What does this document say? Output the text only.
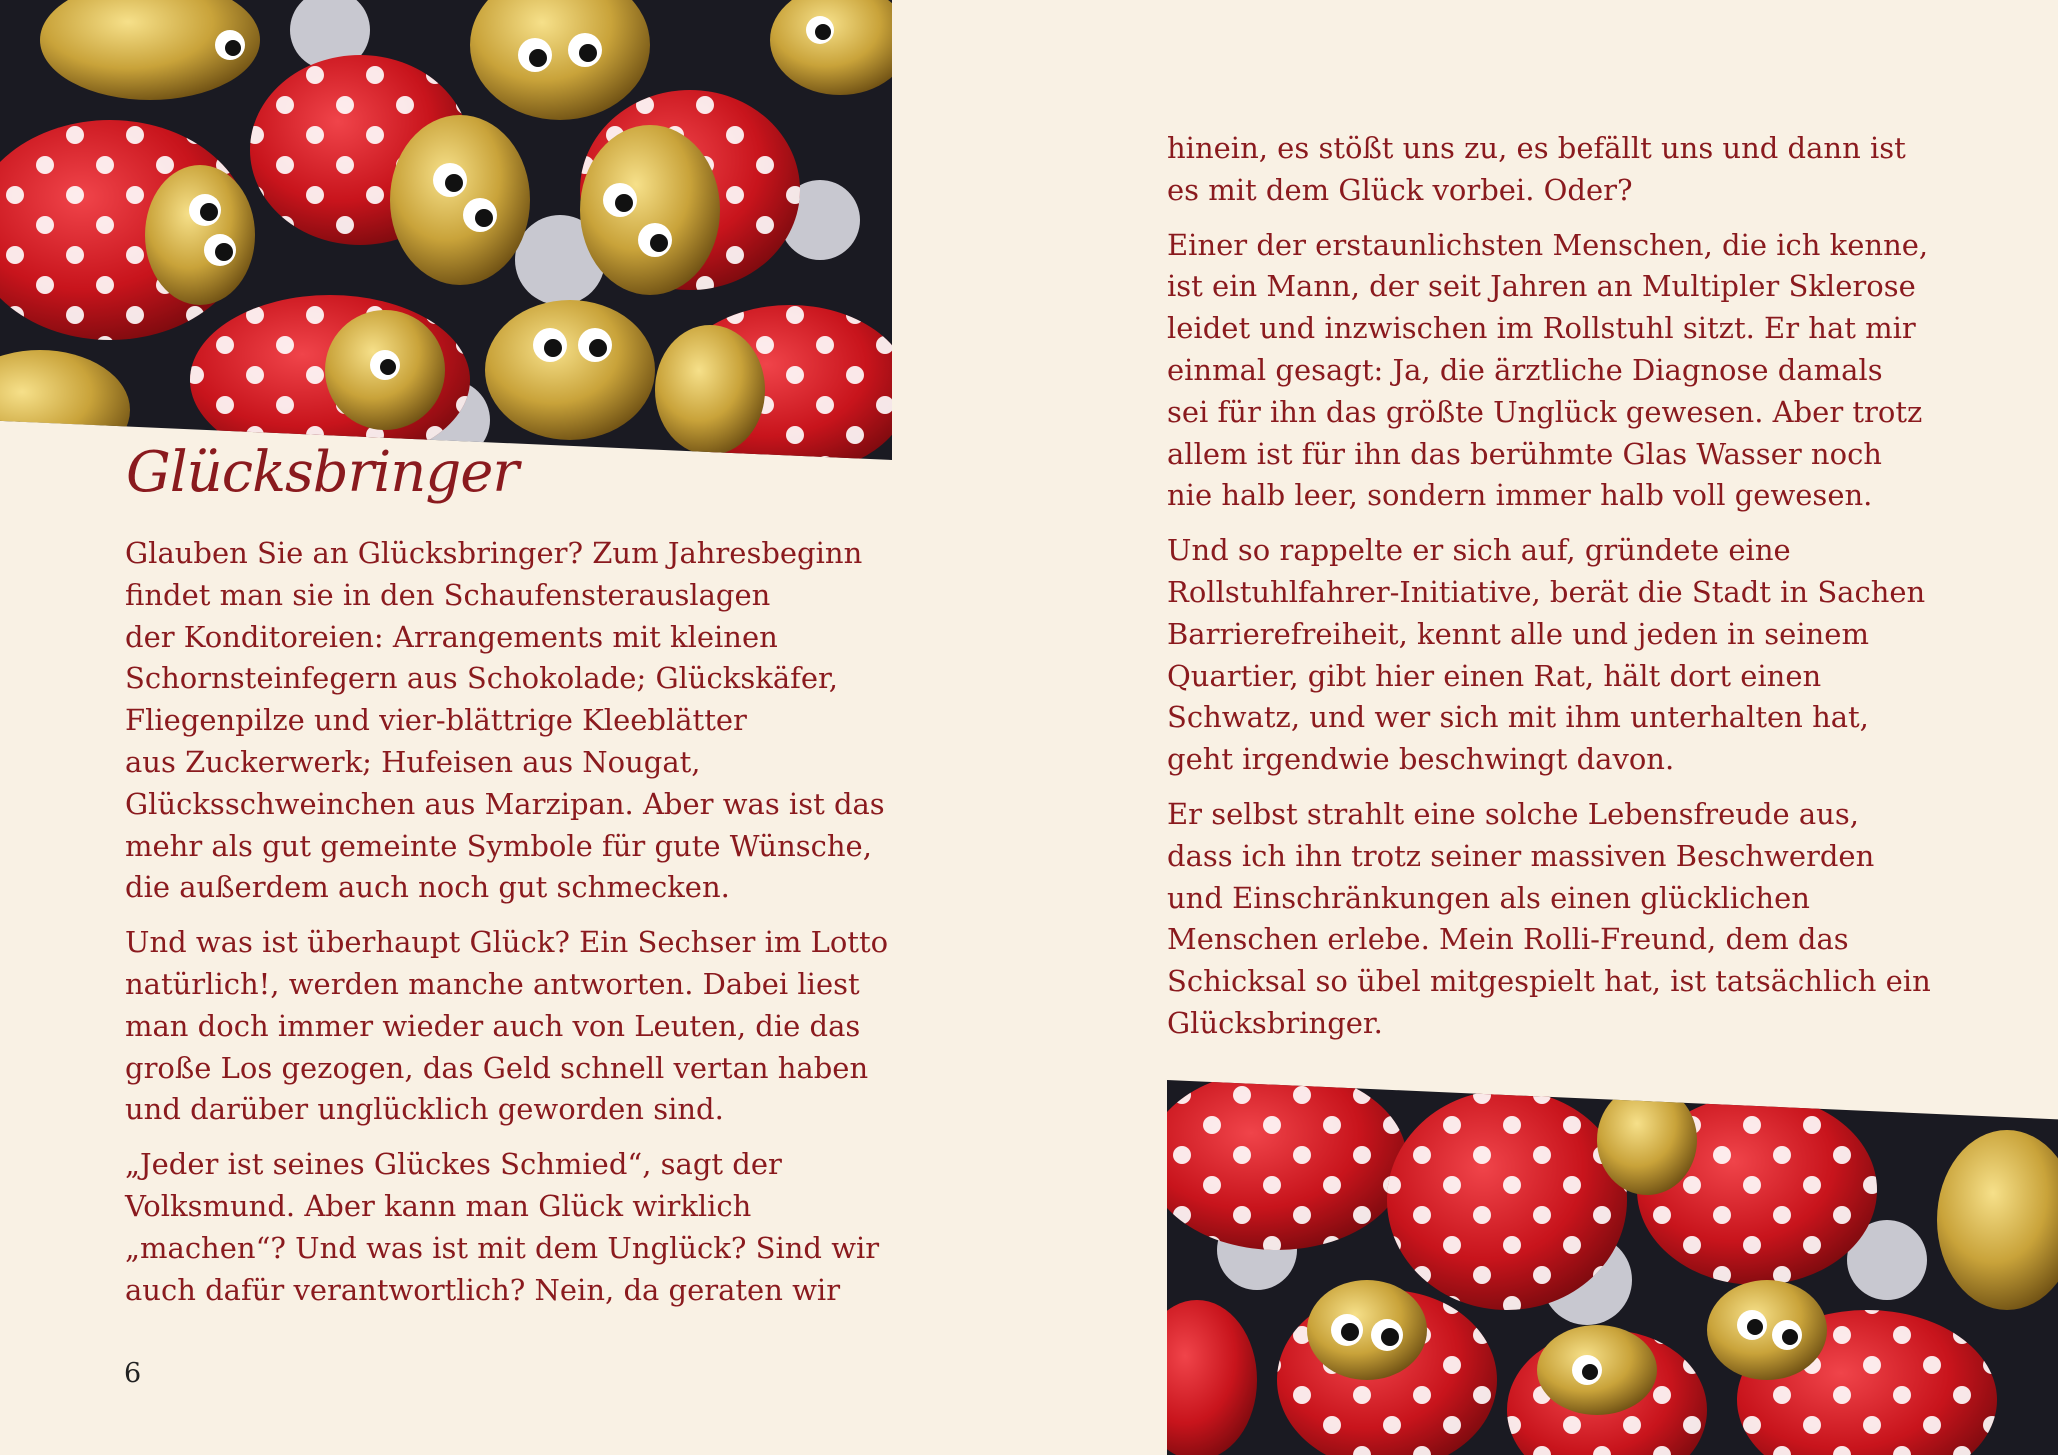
Glücksbringer

Glauben Sie an Glücksbringer? Zum Jahresbeginn
findet man sie in den Schaufensterauslagen
der Konditoreien: Arrangements mit kleinen
Schornsteinfegern aus Schokolade; Glückskäfer,
Fliegenpilze und vier-blättrige Kleeblätter
aus Zuckerwerk; Hufeisen aus Nougat,
Glücksschweinchen aus Marzipan. Aber was ist das
mehr als gut gemeinte Symbole für gute Wünsche,
die außerdem auch noch gut schmecken.

Und was ist überhaupt Glück? Ein Sechser im Lotto
natürlich!, werden manche antworten. Dabei liest
man doch immer wieder auch von Leuten, die das
große Los gezogen, das Geld schnell vertan haben
und darüber unglücklich geworden sind.

„Jeder ist seines Glückes Schmied“, sagt der
Volksmund. Aber kann man Glück wirklich
„machen“? Und was ist mit dem Unglück? Sind wir
auch dafür verantwortlich? Nein, da geraten wir

6

hinein, es stößt uns zu, es befällt uns und dann ist
es mit dem Glück vorbei. Oder?

Einer der erstaunlichsten Menschen, die ich kenne,
ist ein Mann, der seit Jahren an Multipler Sklerose
leidet und inzwischen im Rollstuhl sitzt. Er hat mir
einmal gesagt: Ja, die ärztliche Diagnose damals
sei für ihn das größte Unglück gewesen. Aber trotz
allem ist für ihn das berühmte Glas Wasser noch
nie halb leer, sondern immer halb voll gewesen.

Und so rappelte er sich auf, gründete eine
Rollstuhlfahrer-Initiative, berät die Stadt in Sachen
Barrierefreiheit, kennt alle und jeden in seinem
Quartier, gibt hier einen Rat, hält dort einen
Schwatz, und wer sich mit ihm unterhalten hat,
geht irgendwie beschwingt davon.

Er selbst strahlt eine solche Lebensfreude aus,
dass ich ihn trotz seiner massiven Beschwerden
und Einschränkungen als einen glücklichen
Menschen erlebe. Mein Rolli-Freund, dem das
Schicksal so übel mitgespielt hat, ist tatsächlich ein
Glücksbringer.
